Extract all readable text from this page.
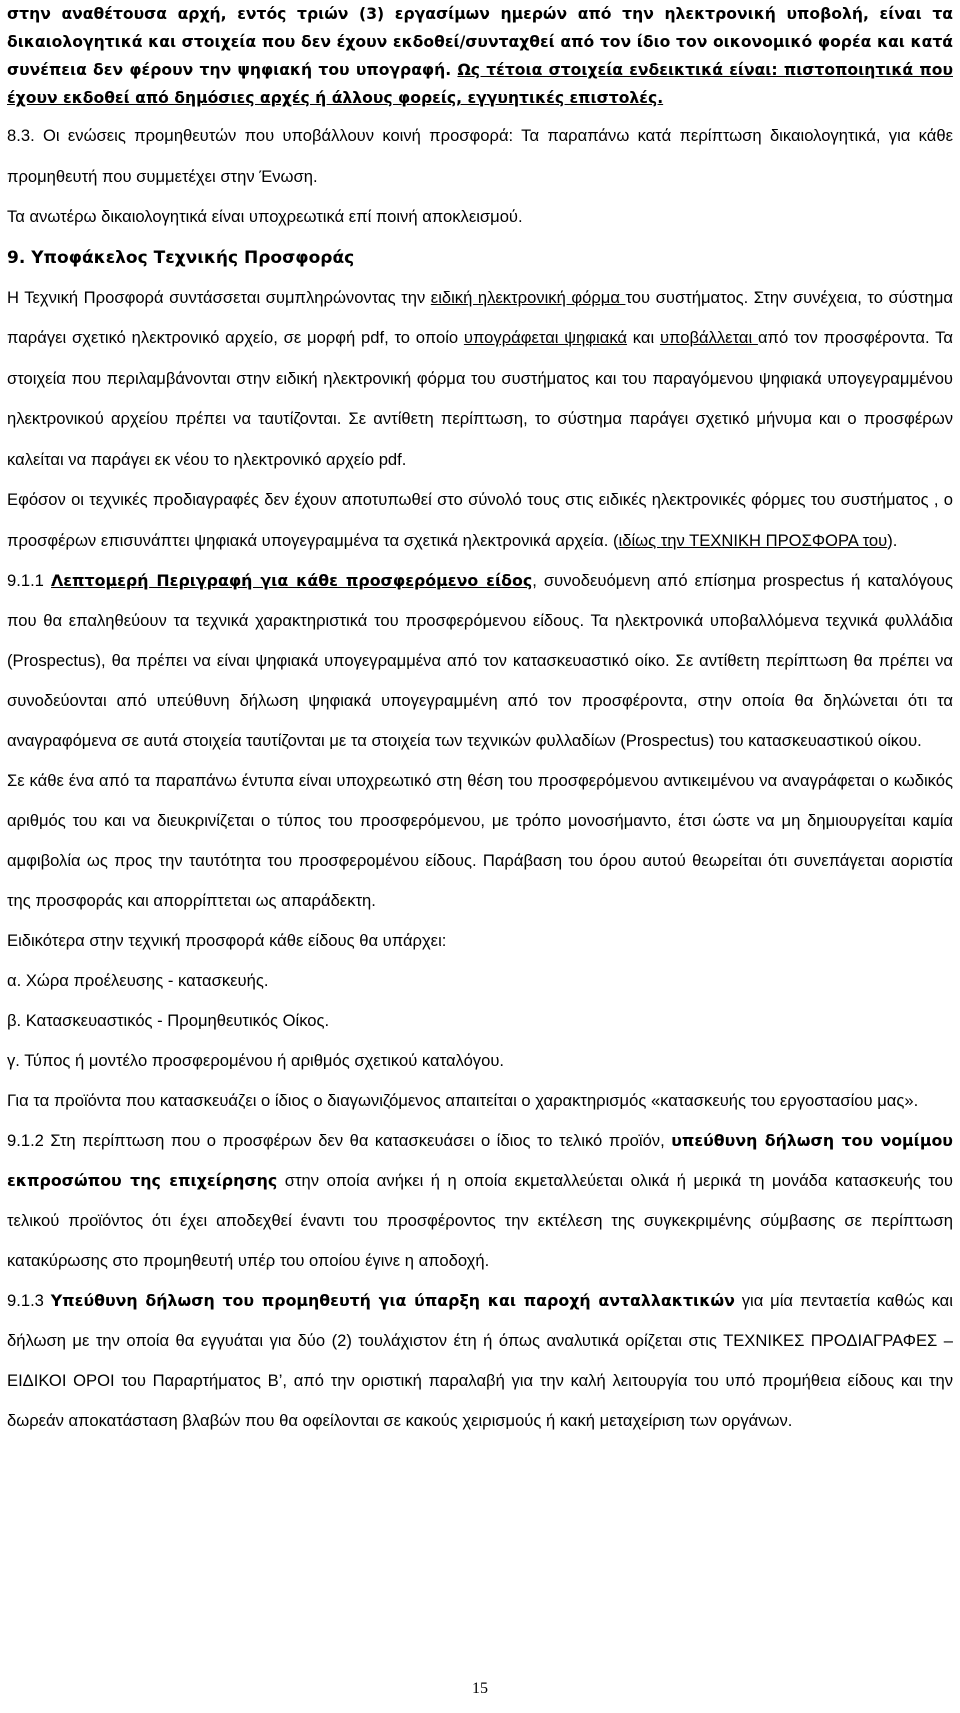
στην αναθέτουσα αρχή, εντός τριών (3) εργασίμων ημερών από την ηλεκτρονική υποβολή, είναι τα δικαιολογητικά και στοιχεία που δεν έχουν εκδοθεί/συνταχθεί από τον ίδιο τον οικονομικό φορέα και κατά συνέπεια δεν φέρουν την ψηφιακή του υπογραφή. Ως τέτοια στοιχεία ενδεικτικά είναι: πιστοποιητικά που έχουν εκδοθεί από δημόσιες αρχές ή άλλους φορείς, εγγυητικές επιστολές.

8.3. Οι ενώσεις προμηθευτών που υποβάλλουν κοινή προσφορά: Τα παραπάνω κατά περίπτωση δικαιολογητικά, για κάθε προμηθευτή που συμμετέχει στην Ένωση.

Τα ανωτέρω δικαιολογητικά είναι υποχρεωτικά επί ποινή αποκλεισμού.

9. Υποφάκελος Τεχνικής Προσφοράς

Η Τεχνική Προσφορά συντάσσεται συμπληρώνοντας την ειδική ηλεκτρονική φόρμα του συστήματος. Στην συνέχεια, το σύστημα παράγει σχετικό ηλεκτρονικό αρχείο, σε μορφή pdf, το οποίο υπογράφεται ψηφιακά και υποβάλλεται από τον προσφέροντα. Τα στοιχεία που περιλαμβάνονται στην ειδική ηλεκτρονική φόρμα του συστήματος και του παραγόμενου ψηφιακά υπογεγραμμένου ηλεκτρονικού αρχείου πρέπει να ταυτίζονται. Σε αντίθετη περίπτωση, το σύστημα παράγει σχετικό μήνυμα και ο προσφέρων καλείται να παράγει εκ νέου το ηλεκτρονικό αρχείο pdf.

Εφόσον οι τεχνικές προδιαγραφές δεν έχουν αποτυπωθεί στο σύνολό τους στις ειδικές ηλεκτρονικές φόρμες του συστήματος , ο προσφέρων επισυνάπτει ψηφιακά υπογεγραμμένα τα σχετικά ηλεκτρονικά αρχεία. (ιδίως την ΤΕΧΝΙΚΗ ΠΡΟΣΦΟΡΑ του).

9.1.1 Λεπτομερή Περιγραφή για κάθε προσφερόμενο είδος, συνοδευόμενη από επίσημα prospectus ή καταλόγους που θα επαληθεύουν τα τεχνικά χαρακτηριστικά του προσφερόμενου είδους. Τα ηλεκτρονικά υποβαλλόμενα τεχνικά φυλλάδια (Prospectus), θα πρέπει να είναι ψηφιακά υπογεγραμμένα από τον κατασκευαστικό οίκο. Σε αντίθετη περίπτωση θα πρέπει να συνοδεύονται από υπεύθυνη δήλωση ψηφιακά υπογεγραμμένη από τον προσφέροντα, στην οποία θα δηλώνεται ότι τα αναγραφόμενα σε αυτά στοιχεία ταυτίζονται με τα στοιχεία των τεχνικών φυλλαδίων (Prospectus) του κατασκευαστικού οίκου.

Σε κάθε ένα από τα παραπάνω έντυπα είναι υποχρεωτικό στη θέση του προσφερόμενου αντικειμένου να αναγράφεται ο κωδικός αριθμός του και να διευκρινίζεται ο τύπος του προσφερόμενου, με τρόπο μονοσήμαντο, έτσι ώστε να μη δημιουργείται καμία αμφιβολία ως προς την ταυτότητα του προσφερομένου είδους. Παράβαση του όρου αυτού θεωρείται ότι συνεπάγεται αοριστία της προσφοράς και απορρίπτεται ως απαράδεκτη.

Ειδικότερα στην τεχνική προσφορά κάθε είδους θα υπάρχει:

α. Χώρα προέλευσης - κατασκευής.

β. Κατασκευαστικός - Προμηθευτικός Οίκος.

γ. Τύπος ή μοντέλο προσφερομένου ή αριθμός σχετικού καταλόγου.

Για τα προϊόντα που κατασκευάζει ο ίδιος ο διαγωνιζόμενος απαιτείται ο χαρακτηρισμός «κατασκευής του εργοστασίου μας».

9.1.2 Στη περίπτωση που ο προσφέρων δεν θα κατασκευάσει ο ίδιος το τελικό προϊόν, υπεύθυνη δήλωση του νομίμου εκπροσώπου της επιχείρησης στην οποία ανήκει ή η οποία εκμεταλλεύεται ολικά ή μερικά τη μονάδα κατασκευής του τελικού προϊόντος ότι έχει αποδεχθεί έναντι του προσφέροντος την εκτέλεση της συγκεκριμένης σύμβασης σε περίπτωση κατακύρωσης στο προμηθευτή υπέρ του οποίου έγινε η αποδοχή.

9.1.3 Υπεύθυνη δήλωση του προμηθευτή για ύπαρξη και παροχή ανταλλακτικών για μία πενταετία καθώς και δήλωση με την οποία θα εγγυάται για δύο (2) τουλάχιστον έτη ή όπως αναλυτικά ορίζεται στις ΤΕΧΝΙΚΕΣ ΠΡΟΔΙΑΓΡΑΦΕΣ – ΕΙΔΙΚΟΙ ΟΡΟΙ του Παραρτήματος Β’, από την οριστική παραλαβή για την καλή λειτουργία του υπό προμήθεια είδους και την δωρεάν αποκατάσταση βλαβών που θα οφείλονται σε κακούς χειρισμούς ή κακή μεταχείριση των οργάνων.

15
